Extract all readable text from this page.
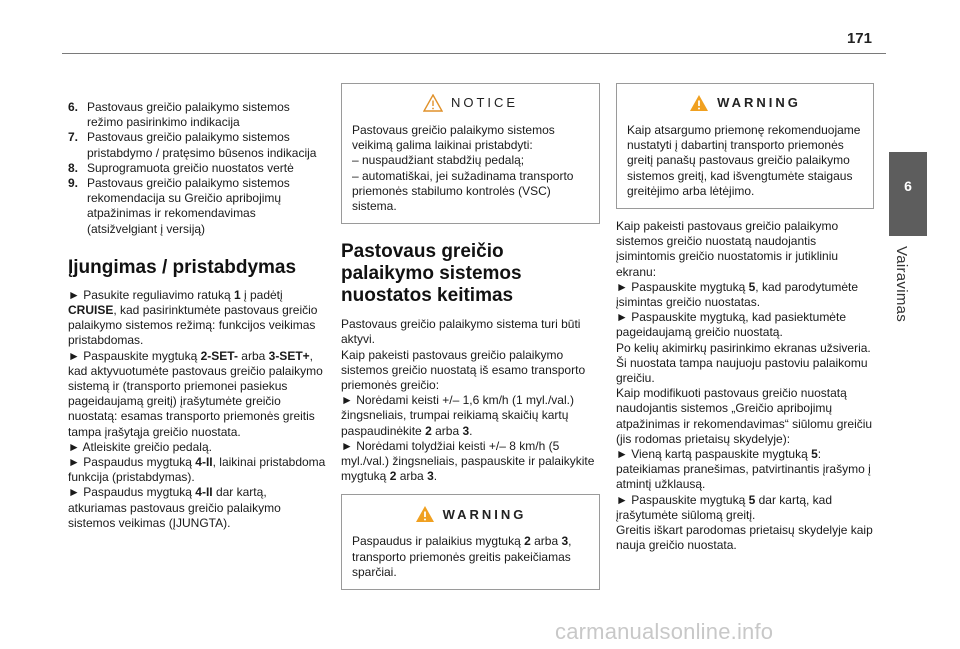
171
6
Vairavimas
6. Pastovaus greičio palaikymo sistemos režimo pasirinkimo indikacija
7. Pastovaus greičio palaikymo sistemos pristabdymo / pratęsimo būsenos indikacija
8. Suprogramuota greičio nuostatos vertė
9. Pastovaus greičio palaikymo sistemos rekomendacija su Greičio apribojimų atpažinimas ir rekomendavimas (atsižvelgiant į versiją)
Įjungimas / pristabdymas

► Pasukite reguliavimo ratuką 1 į padėtį CRUISE, kad pasirinktumėte pastovaus greičio palaikymo sistemos režimą: funkcijos veikimas pristabdomas.

► Paspauskite mygtuką 2-SET- arba 3-SET+, kad aktyvuotumėte pastovaus greičio palaikymo sistemą ir (transporto priemonei pasiekus pageidaujamą greitį) įrašytumėte greičio nuostatą: esamas transporto priemonės greitis tampa įrašytąja greičio nuostata.

► Atleiskite greičio pedalą.

► Paspaudus mygtuką 4-II, laikinai pristabdoma funkcija (pristabdymas).

► Paspaudus mygtuką 4-II dar kartą, atkuriamas pastovaus greičio palaikymo sistemos veikimas (ĮJUNGTA).

NOTICE

Pastovaus greičio palaikymo sistemos veikimą galima laikinai pristabdyti:

– nuspaudžiant stabdžių pedalą;

– automatiškai, jei sužadinama transporto priemonės stabilumo kontrolės (VSC) sistema.

Pastovaus greičio palaikymo sistemos nuostatos keitimas

Pastovaus greičio palaikymo sistema turi būti aktyvi.

Kaip pakeisti pastovaus greičio palaikymo sistemos greičio nuostatą iš esamo transporto priemonės greičio:

► Norėdami keisti +/– 1,6 km/h (1 myl./val.) žingsneliais, trumpai reikiamą skaičių kartų paspaudinėkite 2 arba 3.

► Norėdami tolydžiai keisti +/– 8 km/h (5 myl./val.) žingsneliais, paspauskite ir palaikykite mygtuką 2 arba 3.

WARNING

Paspaudus ir palaikius mygtuką 2 arba 3, transporto priemonės greitis pakeičiamas sparčiai.

WARNING

Kaip atsargumo priemonę rekomenduojame nustatyti į dabartinį transporto priemonės greitį panašų pastovaus greičio palaikymo sistemos greitį, kad išvengtumėte staigaus greitėjimo arba lėtėjimo.

Kaip pakeisti pastovaus greičio palaikymo sistemos greičio nuostatą naudojantis įsimintomis greičio nuostatomis ir jutikliniu ekranu:

► Paspauskite mygtuką 5, kad parodytumėte įsimintas greičio nuostatas.

► Paspauskite mygtuką, kad pasiektumėte pageidaujamą greičio nuostatą.

Po kelių akimirkų pasirinkimo ekranas užsiveria. Ši nuostata tampa naujuoju pastoviu palaikomu greičiu.

Kaip modifikuoti pastovaus greičio nuostatą naudojantis sistemos „Greičio apribojimų atpažinimas ir rekomendavimas“ siūlomu greičiu (jis rodomas prietaisų skydelyje):

► Vieną kartą paspauskite mygtuką 5: pateikiamas pranešimas, patvirtinantis įrašymo į atmintį užklausą.

► Paspauskite mygtuką 5 dar kartą, kad įrašytumėte siūlomą greitį.

Greitis iškart parodomas prietaisų skydelyje kaip nauja greičio nuostata.

carmanualsonline.info
